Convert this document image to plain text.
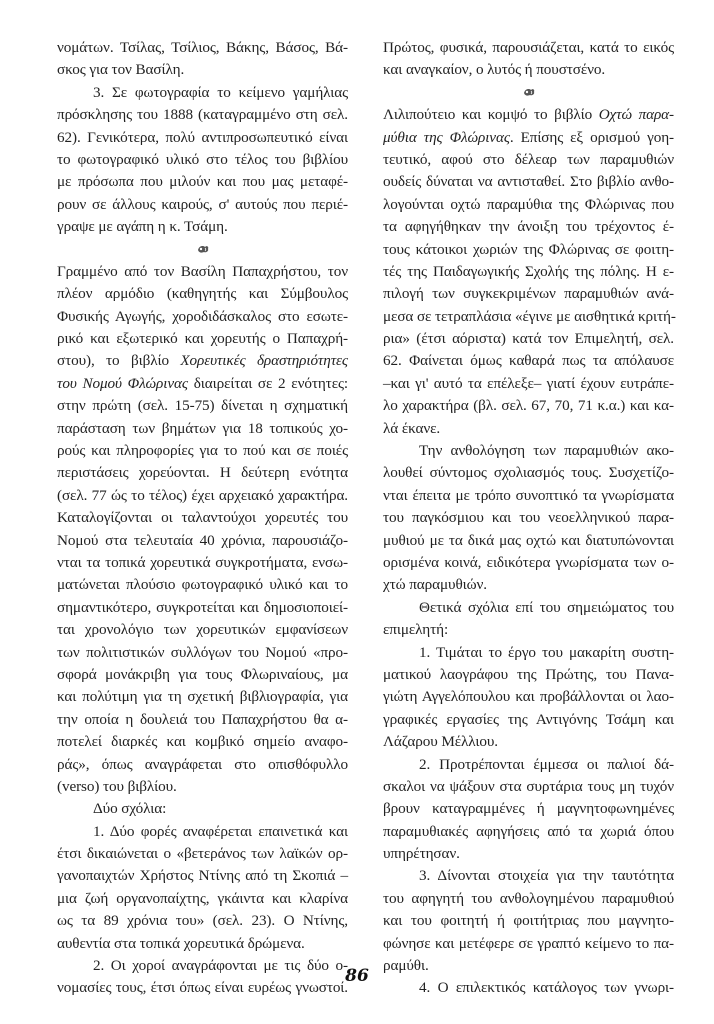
νομάτων. Τσίλας, Τσίλιος, Βάκης, Βάσος, Βά-
σκος για τον Βασίλη.
3. Σε φωτογραφία το κείμενο γαμήλιας
πρόσκλησης του 1888 (καταγραμμένο στη σελ.
62). Γενικότερα, πολύ αντιπροσωπευτικό είναι
το φωτογραφικό υλικό στο τέλος του βιβλίου
με πρόσωπα που μιλούν και που μας μεταφέ-
ρουν σε άλλους καιρούς, σ' αυτούς που περιέ-
γραψε με αγάπη η κ. Τσάμη.
Γραμμένο από τον Βασίλη Παπαχρήστου, τον
πλέον αρμόδιο (καθηγητής και Σύμβουλος
Φυσικής Αγωγής, χοροδιδάσκαλος στο εσωτε-
ρικό και εξωτερικό και χορευτής ο Παπαχρή-
στου), το βιβλίο Χορευτικές δραστηριότητες
του Νομού Φλώρινας διαιρείται σε 2 ενότητες:
στην πρώτη (σελ. 15-75) δίνεται η σχηματική
παράσταση των βημάτων για 18 τοπικούς χο-
ρούς και πληροφορίες για το πού και σε ποιές
περιστάσεις χορεύονται. Η δεύτερη ενότητα
(σελ. 77 ώς το τέλος) έχει αρχειακό χαρακτήρα.
Καταλογίζονται οι ταλαντούχοι χορευτές του
Νομού στα τελευταία 40 χρόνια, παρουσιάζο-
νται τα τοπικά χορευτικά συγκροτήματα, ενσω-
ματώνεται πλούσιο φωτογραφικό υλικό και το
σημαντικότερο, συγκροτείται και δημοσιοποιεί-
ται χρονολόγιο των χορευτικών εμφανίσεων
των πολιτιστικών συλλόγων του Νομού «προ-
σφορά μονάκριβη για τους Φλωριναίους, μα
και πολύτιμη για τη σχετική βιβλιογραφία, για
την οποία η δουλειά του Παπαχρήστου θα α-
ποτελεί διαρκές και κομβικό σημείο αναφο-
ράς», όπως αναγράφεται στο οπισθόφυλλο
(verso) του βιβλίου.
Δύο σχόλια:
1. Δύο φορές αναφέρεται επαινετικά και
έτσι δικαιώνεται ο «βετεράνος των λαϊκών ορ-
γανοπαιχτών Χρήστος Ντίνης από τη Σκοπιά –
μια ζωή οργανοπαίχτης, γκάιντα και κλαρίνα
ως τα 89 χρόνια του» (σελ. 23). Ο Ντίνης,
αυθεντία στα τοπικά χορευτικά δρώμενα.
2. Οι χοροί αναγράφονται με τις δύο ο-
νομασίες τους, έτσι όπως είναι ευρέως γνωστοί.
Πρώτος, φυσικά, παρουσιάζεται, κατά το εικός
και αναγκαίον, ο λυτός ή πουστσένο.
Λιλιπούτειο και κομψό το βιβλίο Οχτώ παρα-
μύθια της Φλώρινας. Επίσης εξ ορισμού γοη-
τευτικό, αφού στο δέλεαρ των παραμυθιών
ουδείς δύναται να αντισταθεί. Στο βιβλίο ανθο-
λογούνται οχτώ παραμύθια της Φλώρινας που
τα αφηγήθηκαν την άνοιξη του τρέχοντος έ-
τους κάτοικοι χωριών της Φλώρινας σε φοιτη-
τές της Παιδαγωγικής Σχολής της πόλης. Η ε-
πιλογή των συγκεκριμένων παραμυθιών ανά-
μεσα σε τετραπλάσια «έγινε με αισθητικά κριτή-
ρια» (έτσι αόριστα) κατά τον Επιμελητή, σελ.
62. Φαίνεται όμως καθαρά πως τα απόλαυσε
–και γι' αυτό τα επέλεξε– γιατί έχουν ευτράπε-
λο χαρακτήρα (βλ. σελ. 67, 70, 71 κ.α.) και κα-
λά έκανε.
Την ανθολόγηση των παραμυθιών ακο-
λουθεί σύντομος σχολιασμός τους. Συσχετίζο-
νται έπειτα με τρόπο συνοπτικό τα γνωρίσματα
του παγκόσμιου και του νεοελληνικού παρα-
μυθιού με τα δικά μας οχτώ και διατυπώνονται
ορισμένα κοινά, ειδικότερα γνωρίσματα των ο-
χτώ παραμυθιών.
Θετικά σχόλια επί του σημειώματος του
επιμελητή:
1. Τιμάται το έργο του μακαρίτη συστη-
ματικού λαογράφου της Πρώτης, του Πανα-
γιώτη Αγγελόπουλου και προβάλλονται οι λαο-
γραφικές εργασίες της Αντιγόνης Τσάμη και
Λάζαρου Μέλλιου.
2. Προτρέπονται έμμεσα οι παλιοί δά-
σκαλοι να ψάξουν στα συρτάρια τους μη τυχόν
βρουν καταγραμμένες ή μαγνητοφωνημένες
παραμυθιακές αφηγήσεις από τα χωριά όπου
υπηρέτησαν.
3. Δίνονται στοιχεία για την ταυτότητα
του αφηγητή του ανθολογημένου παραμυθιού
και του φοιτητή ή φοιτήτριας που μαγνητο-
φώνησε και μετέφερε σε γραπτό κείμενο το πα-
ραμύθι.
4. Ο επιλεκτικός κατάλογος των γνωρι-
86
